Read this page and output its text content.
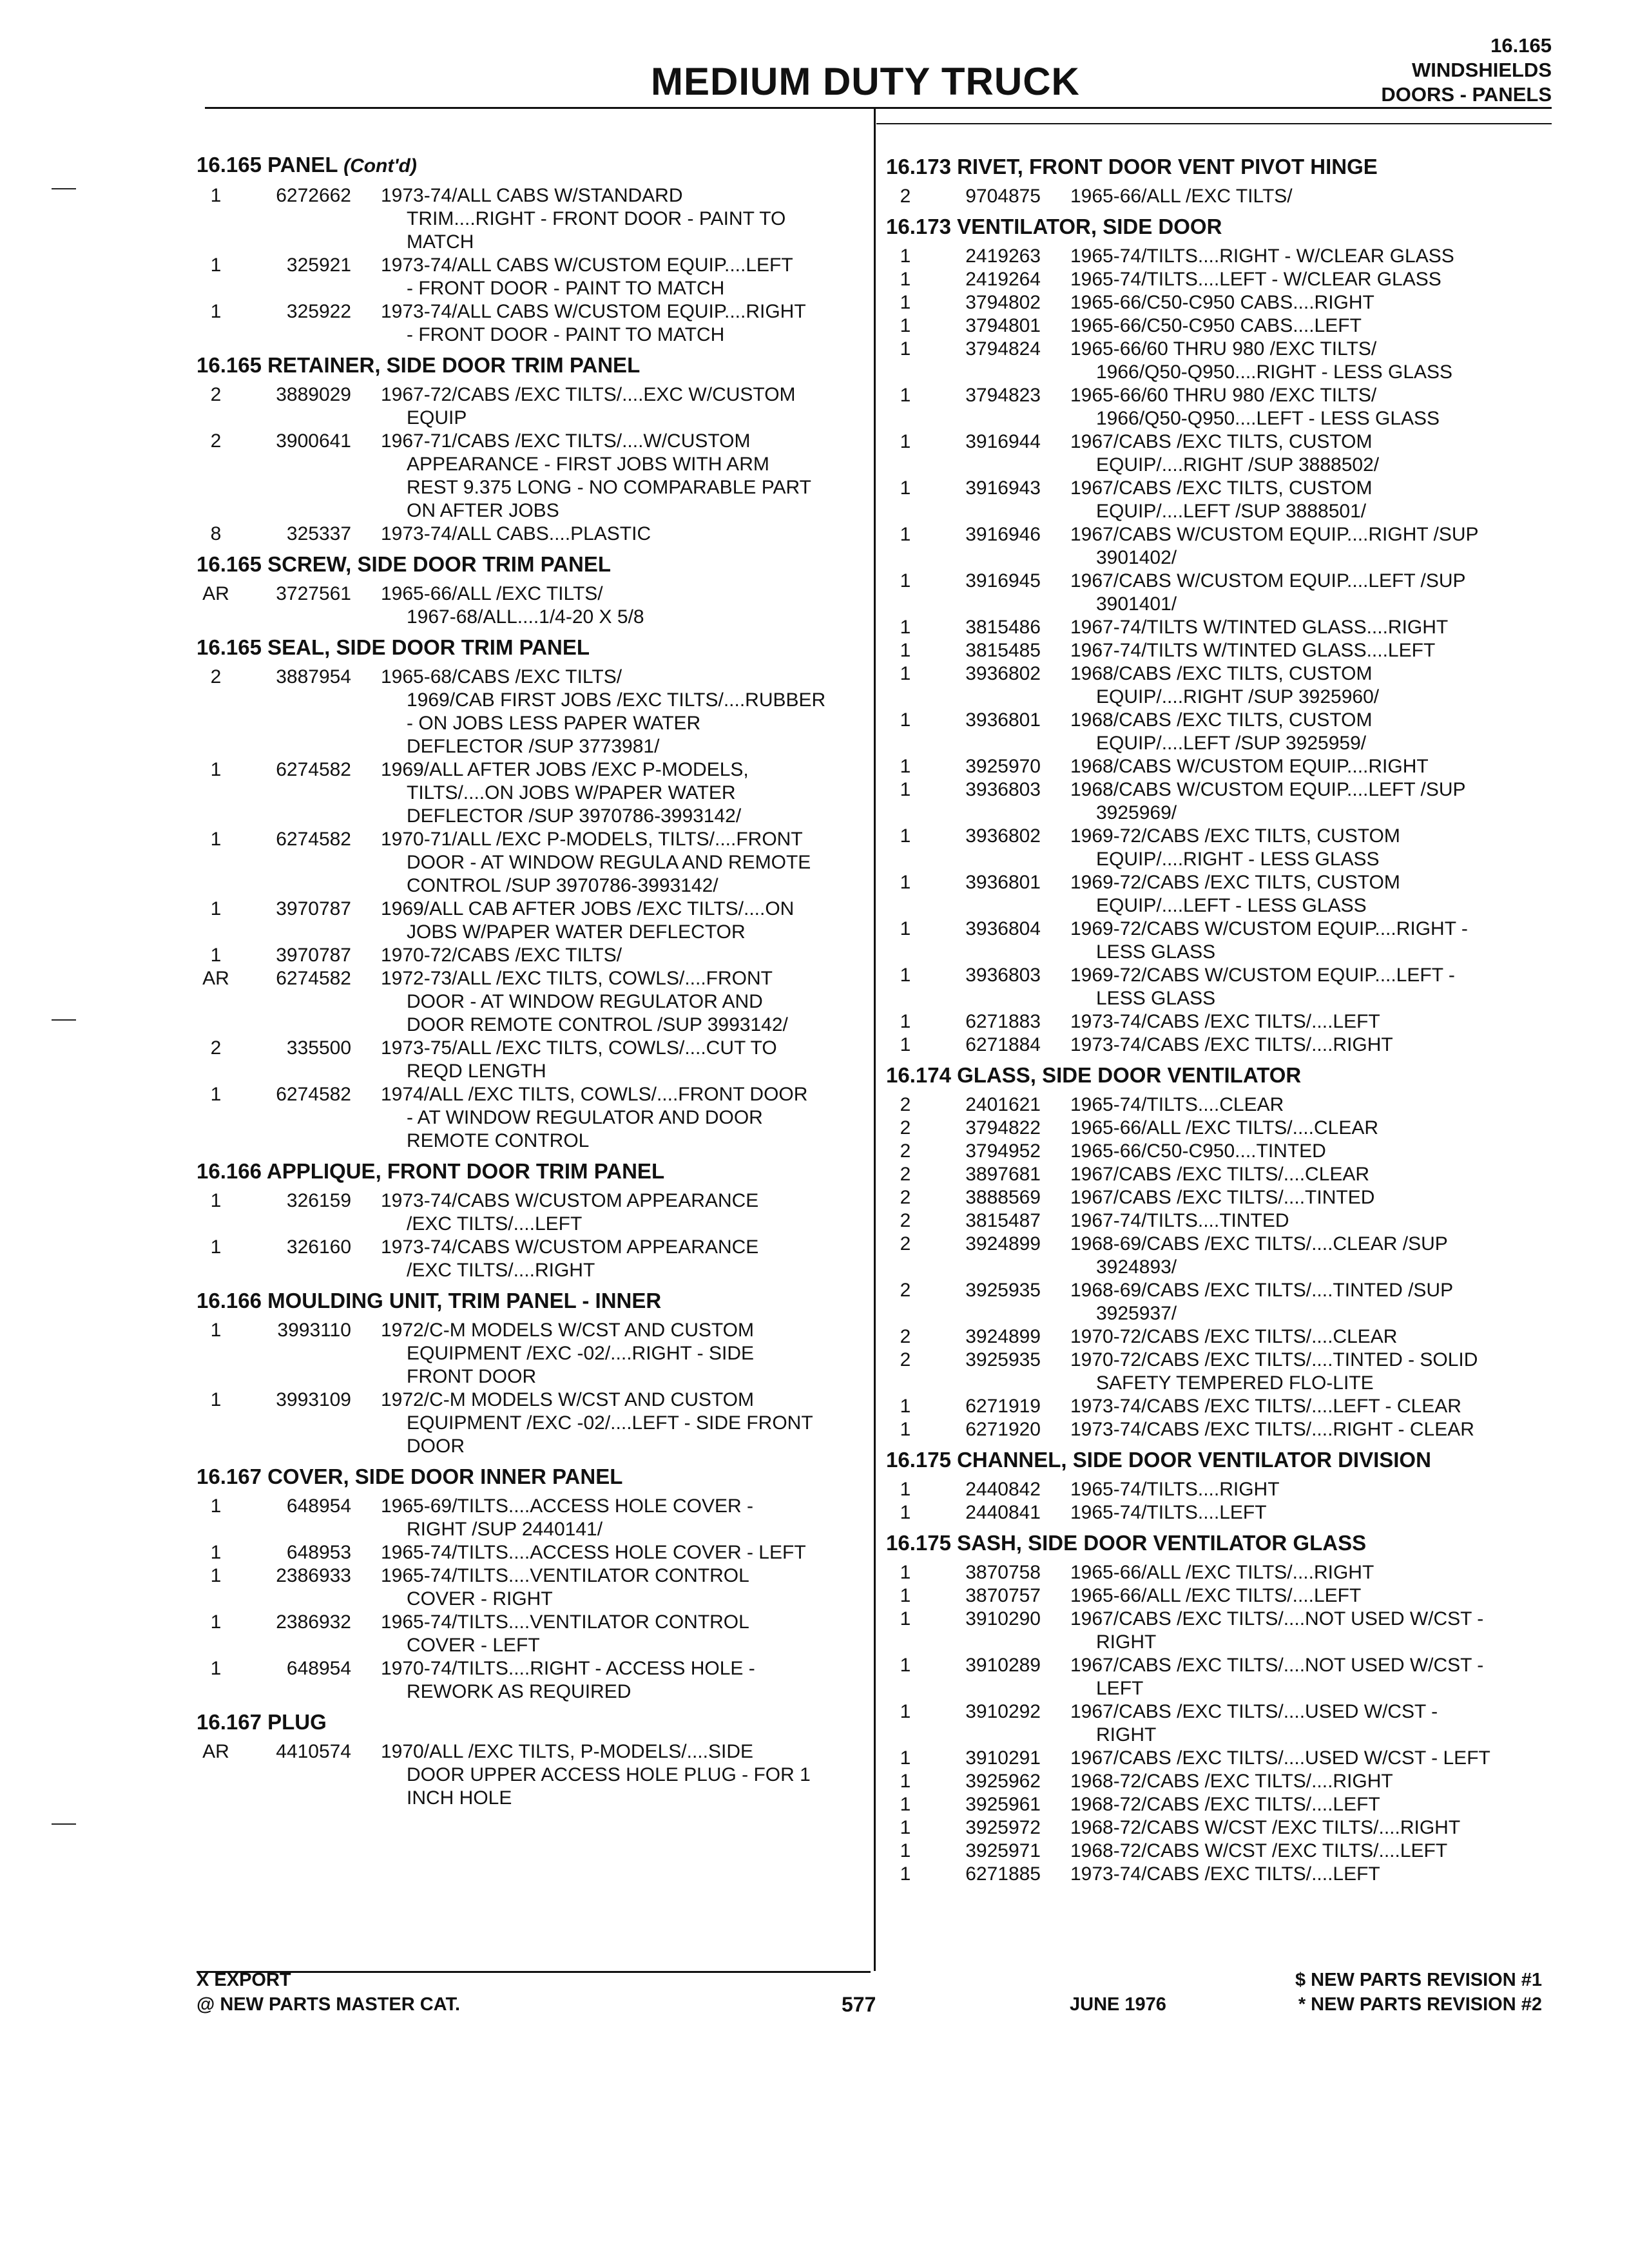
MEDIUM DUTY TRUCK
16.165
WINDSHIELDS
DOORS - PANELS
16.165 PANEL (Cont'd)
1	6272662 1973-74/ALL CABS W/STANDARD
TRIM....RIGHT - FRONT DOOR - PAINT TO
MATCH
1	325921 1973-74/ALL CABS W/CUSTOM EQUIP....LEFT
- FRONT DOOR - PAINT TO MATCH
1	325922 1973-74/ALL CABS W/CUSTOM EQUIP....RIGHT
- FRONT DOOR - PAINT TO MATCH
16.165 RETAINER, SIDE DOOR TRIM PANEL
2	3889029 1967-72/CABS /EXC TILTS/....EXC W/CUSTOM
EQUIP
2	3900641 1967-71/CABS /EXC TILTS/....W/CUSTOM
APPEARANCE - FIRST JOBS WITH ARM
REST 9.375 LONG - NO COMPARABLE PART
ON AFTER JOBS
8	325337 1973-74/ALL CABS....PLASTIC
16.165 SCREW, SIDE DOOR TRIM PANEL
AR	3727561 1965-66/ALL /EXC TILTS/
1967-68/ALL....1/4-20 X 5/8
16.165 SEAL, SIDE DOOR TRIM PANEL
2	3887954 1965-68/CABS /EXC TILTS/
1969/CAB FIRST JOBS /EXC TILTS/....RUBBER
- ON JOBS LESS PAPER WATER
DEFLECTOR /SUP 3773981/
1	6274582 1969/ALL AFTER JOBS /EXC P-MODELS,
TILTS/....ON JOBS W/PAPER WATER
DEFLECTOR /SUP 3970786-3993142/
1	6274582 1970-71/ALL /EXC P-MODELS, TILTS/....FRONT
DOOR - AT WINDOW REGULA AND REMOTE
CONTROL /SUP 3970786-3993142/
1	3970787 1969/ALL CAB AFTER JOBS /EXC TILTS/....ON
JOBS W/PAPER WATER DEFLECTOR
1	3970787 1970-72/CABS /EXC TILTS/
AR	6274582 1972-73/ALL /EXC TILTS, COWLS/....FRONT
DOOR - AT WINDOW REGULATOR AND
DOOR REMOTE CONTROL /SUP 3993142/
2	335500 1973-75/ALL /EXC TILTS, COWLS/....CUT TO
REQD LENGTH
1	6274582 1974/ALL /EXC TILTS, COWLS/....FRONT DOOR
- AT WINDOW REGULATOR AND DOOR
REMOTE CONTROL
16.166 APPLIQUE, FRONT DOOR TRIM PANEL
1	326159 1973-74/CABS W/CUSTOM APPEARANCE
/EXC TILTS/....LEFT
1	326160 1973-74/CABS W/CUSTOM APPEARANCE
/EXC TILTS/....RIGHT
16.166 MOULDING UNIT, TRIM PANEL - INNER
1	3993110 1972/C-M MODELS W/CST AND CUSTOM
EQUIPMENT /EXC -02/....RIGHT - SIDE
FRONT DOOR
1	3993109 1972/C-M MODELS W/CST AND CUSTOM
EQUIPMENT /EXC -02/....LEFT - SIDE FRONT
DOOR
16.167 COVER, SIDE DOOR INNER PANEL
1	648954 1965-69/TILTS....ACCESS HOLE COVER -
RIGHT /SUP 2440141/
1	648953 1965-74/TILTS....ACCESS HOLE COVER - LEFT
1	2386933 1965-74/TILTS....VENTILATOR CONTROL
COVER - RIGHT
1	2386932 1965-74/TILTS....VENTILATOR CONTROL
COVER - LEFT
1	648954 1970-74/TILTS....RIGHT - ACCESS HOLE -
REWORK AS REQUIRED
16.167 PLUG
AR	4410574 1970/ALL /EXC TILTS, P-MODELS/....SIDE
DOOR UPPER ACCESS HOLE PLUG - FOR 1
INCH HOLE
16.173 RIVET, FRONT DOOR VENT PIVOT HINGE
2	9704875 1965-66/ALL /EXC TILTS/
16.173 VENTILATOR, SIDE DOOR
1	2419263 1965-74/TILTS....RIGHT - W/CLEAR GLASS
1	2419264 1965-74/TILTS....LEFT - W/CLEAR GLASS
1	3794802 1965-66/C50-C950 CABS....RIGHT
1	3794801 1965-66/C50-C950 CABS....LEFT
1	3794824 1965-66/60 THRU 980 /EXC TILTS/
1966/Q50-Q950....RIGHT - LESS GLASS
1	3794823 1965-66/60 THRU 980 /EXC TILTS/
1966/Q50-Q950....LEFT - LESS GLASS
1	3916944 1967/CABS /EXC TILTS, CUSTOM
EQUIP/....RIGHT /SUP 3888502/
1	3916943 1967/CABS /EXC TILTS, CUSTOM
EQUIP/....LEFT /SUP 3888501/
1	3916946 1967/CABS W/CUSTOM EQUIP....RIGHT /SUP
3901402/
1	3916945 1967/CABS W/CUSTOM EQUIP....LEFT /SUP
3901401/
1	3815486 1967-74/TILTS W/TINTED GLASS....RIGHT
1	3815485 1967-74/TILTS W/TINTED GLASS....LEFT
1	3936802 1968/CABS /EXC TILTS, CUSTOM
EQUIP/....RIGHT /SUP 3925960/
1	3936801 1968/CABS /EXC TILTS, CUSTOM
EQUIP/....LEFT /SUP 3925959/
1	3925970 1968/CABS W/CUSTOM EQUIP....RIGHT
1	3936803 1968/CABS W/CUSTOM EQUIP....LEFT /SUP
3925969/
1	3936802 1969-72/CABS /EXC TILTS, CUSTOM
EQUIP/....RIGHT - LESS GLASS
1	3936801 1969-72/CABS /EXC TILTS, CUSTOM
EQUIP/....LEFT - LESS GLASS
1	3936804 1969-72/CABS W/CUSTOM EQUIP....RIGHT -
LESS GLASS
1	3936803 1969-72/CABS W/CUSTOM EQUIP....LEFT -
LESS GLASS
1	6271883 1973-74/CABS /EXC TILTS/....LEFT
1	6271884 1973-74/CABS /EXC TILTS/....RIGHT
16.174 GLASS, SIDE DOOR VENTILATOR
2	2401621 1965-74/TILTS....CLEAR
2	3794822 1965-66/ALL /EXC TILTS/....CLEAR
2	3794952 1965-66/C50-C950....TINTED
2	3897681 1967/CABS /EXC TILTS/....CLEAR
2	3888569 1967/CABS /EXC TILTS/....TINTED
2	3815487 1967-74/TILTS....TINTED
2	3924899 1968-69/CABS /EXC TILTS/....CLEAR /SUP
3924893/
2	3925935 1968-69/CABS /EXC TILTS/....TINTED /SUP
3925937/
2	3924899 1970-72/CABS /EXC TILTS/....CLEAR
2	3925935 1970-72/CABS /EXC TILTS/....TINTED - SOLID
SAFETY TEMPERED FLO-LITE
1	6271919 1973-74/CABS /EXC TILTS/....LEFT - CLEAR
1	6271920 1973-74/CABS /EXC TILTS/....RIGHT - CLEAR
16.175 CHANNEL, SIDE DOOR VENTILATOR DIVISION
1	2440842 1965-74/TILTS....RIGHT
1	2440841 1965-74/TILTS....LEFT
16.175 SASH, SIDE DOOR VENTILATOR GLASS
1	3870758 1965-66/ALL /EXC TILTS/....RIGHT
1	3870757 1965-66/ALL /EXC TILTS/....LEFT
1	3910290 1967/CABS /EXC TILTS/....NOT USED W/CST -
RIGHT
1	3910289 1967/CABS /EXC TILTS/....NOT USED W/CST -
LEFT
1	3910292 1967/CABS /EXC TILTS/....USED W/CST -
RIGHT
1	3910291 1967/CABS /EXC TILTS/....USED W/CST - LEFT
1	3925962 1968-72/CABS /EXC TILTS/....RIGHT
1	3925961 1968-72/CABS /EXC TILTS/....LEFT
1	3925972 1968-72/CABS W/CST /EXC TILTS/....RIGHT
1	3925971 1968-72/CABS W/CST /EXC TILTS/....LEFT
1	6271885 1973-74/CABS /EXC TILTS/....LEFT
X EXPORT
@ NEW PARTS MASTER CAT.	577	JUNE 1976
$ NEW PARTS REVISION #1
* NEW PARTS REVISION #2
